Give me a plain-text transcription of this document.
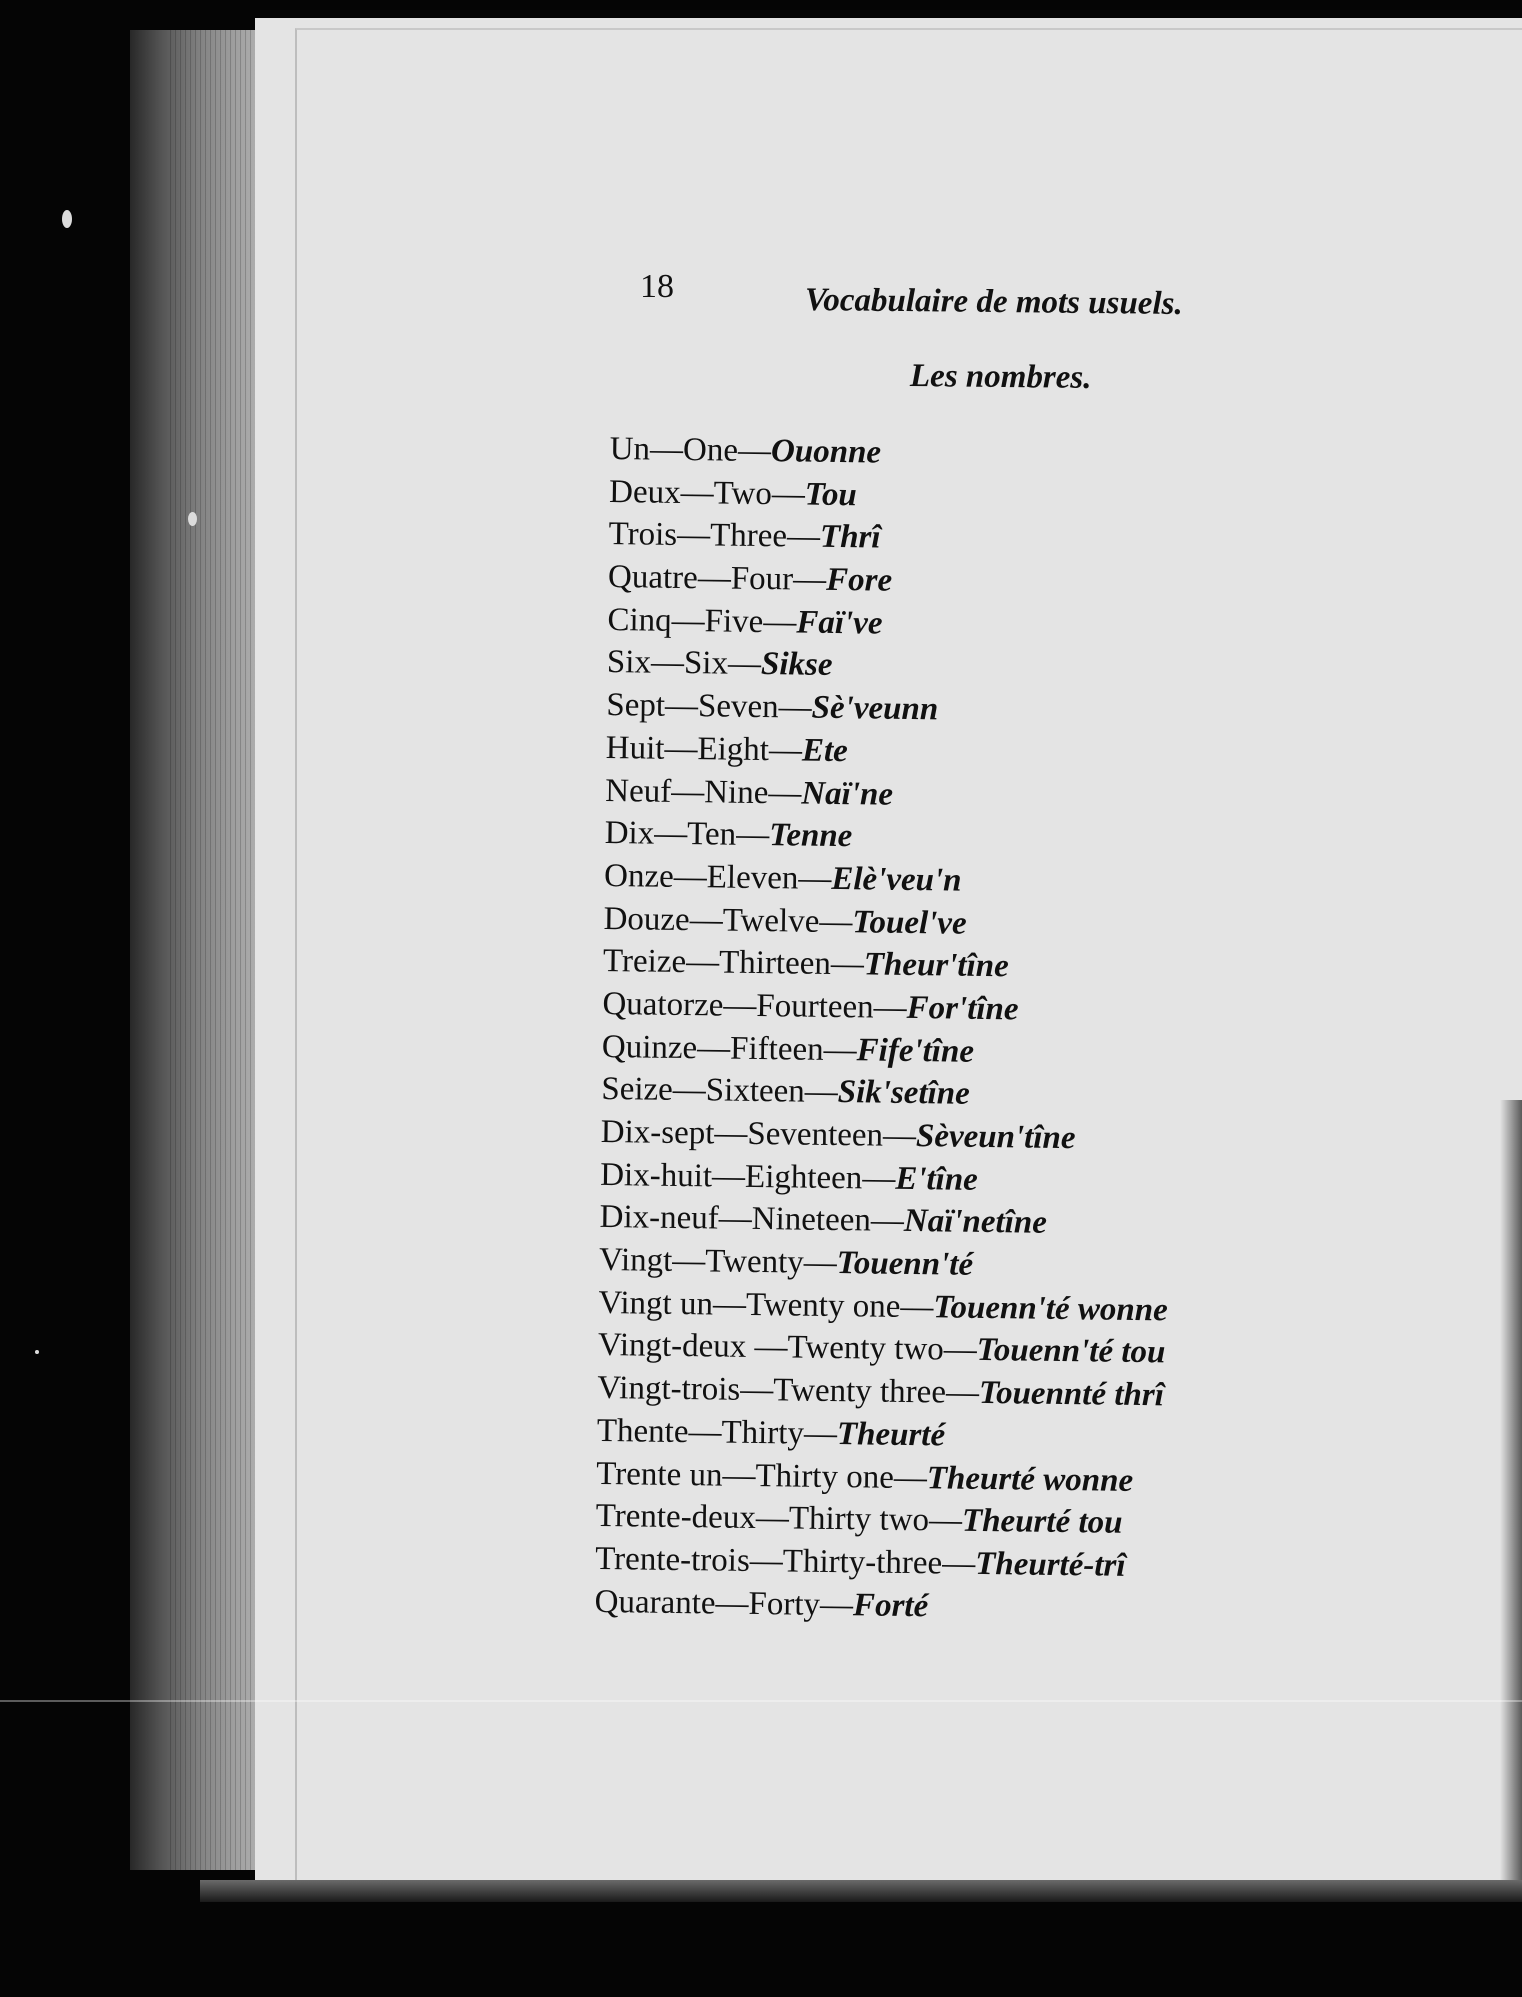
18	Vocabulaire de mots usuels.
Les nombres.
Un—One—Ouonne
Deux—Two—Tou
Trois—Three—Thrî
Quatre—Four—Fore
Cinq—Five—Faï've
Six—Six—Sikse
Sept—Seven—Sè'veunn
Huit—Eight—Ete
Neuf—Nine—Naï'ne
Dix—Ten—Tenne
Onze—Eleven—Elè'veu'n
Douze—Twelve—Touel've
Treize—Thirteen—Theur'tîne
Quatorze—Fourteen—For'tîne
Quinze—Fifteen—Fife'tîne
Seize—Sixteen—Sik'setîne
Dix-sept—Seventeen—Sèveun'tîne
Dix-huit—Eighteen—E'tîne
Dix-neuf—Nineteen—Naï'netîne
Vingt—Twenty—Touenn'té
Vingt un—Twenty one—Touenn'té wonne
Vingt-deux —Twenty two—Touenn'té tou
Vingt-trois—Twenty three—Touennté thrî
Thente—Thirty—Theurté
Trente un—Thirty one—Theurté wonne
Trente-deux—Thirty two—Theurté tou
Trente-trois—Thirty-three—Theurté-trî
Quarante—Forty—Forté
